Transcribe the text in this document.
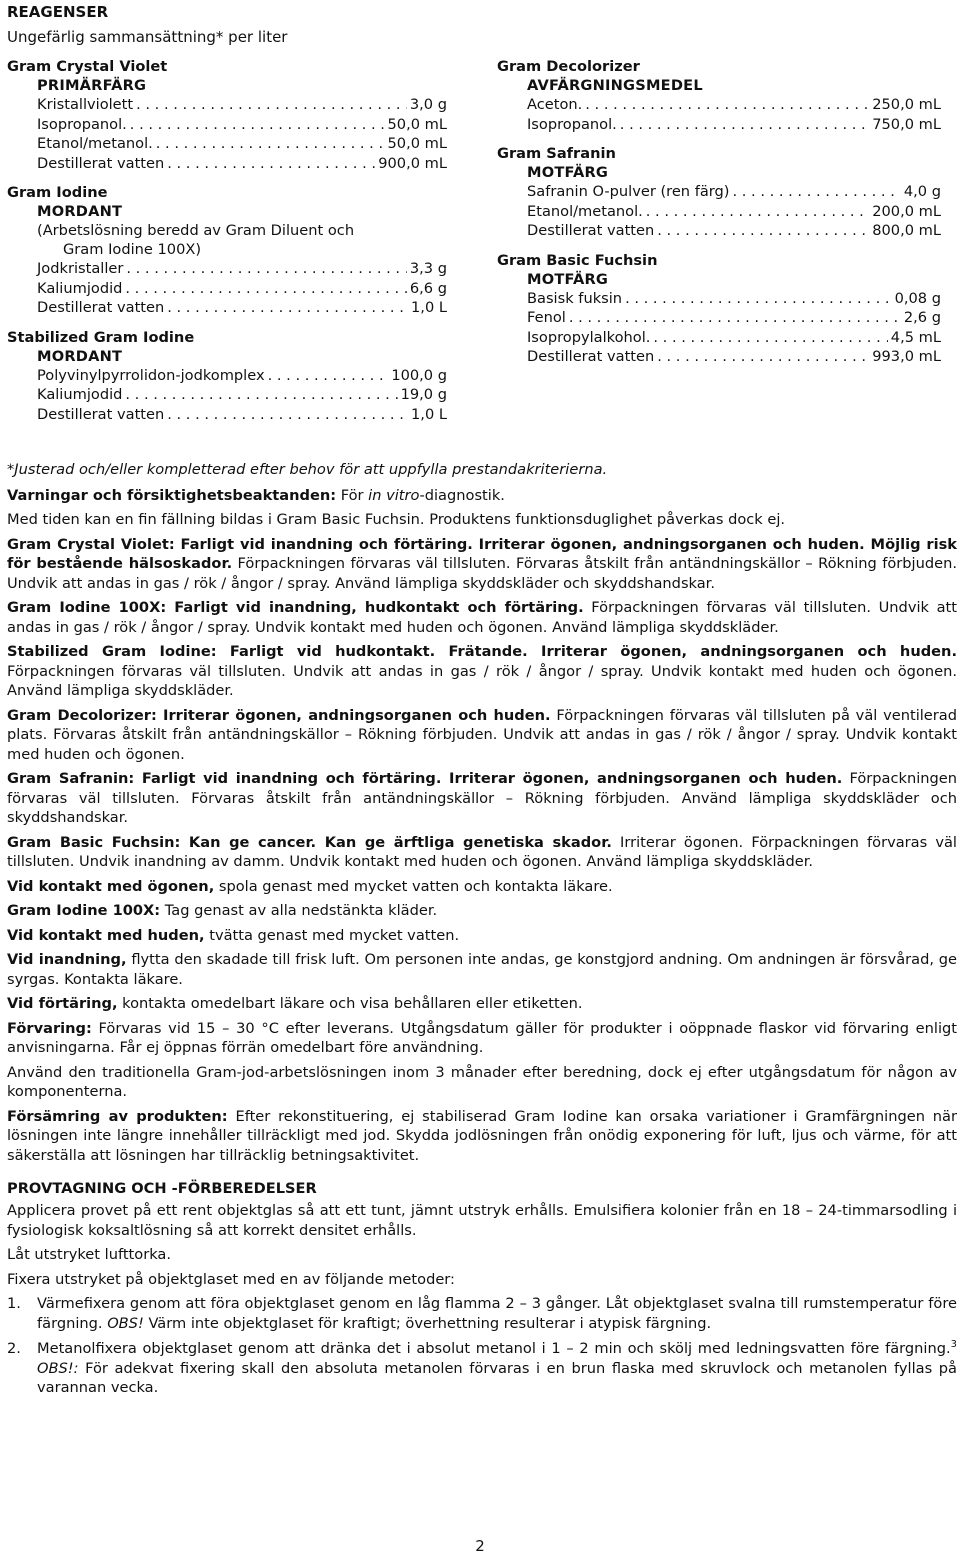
REAGENSER
Ungefärlig sammansättning* per liter
Gram Crystal Violet
PRIMÄRFÄRG
Kristallviolett . . .	3,0 g
Isopropanol. . . .	50,0 mL
Etanol/metanol. . . .	50,0 mL
Destillerat vatten . . .	900,0 mL
Gram Iodine
MORDANT
(Arbetslösning beredd av Gram Diluent och
Gram Iodine 100X)
Jodkristaller . . .	3,3 g
Kaliumjodid . . .	6,6 g
Destillerat vatten . . .	1,0 L
Stabilized Gram Iodine
MORDANT
Polyvinylpyrrolidon-jodkomplex . . .	100,0 g
Kaliumjodid . . .	19,0 g
Destillerat vatten . . .	1,0 L
Gram Decolorizer
AVFÄRGNINGSMEDEL
Aceton. . . .	250,0 mL
Isopropanol. . . .	750,0 mL
Gram Safranin
MOTFÄRG
Safranin O-pulver (ren färg) . . .	4,0 g
Etanol/metanol. . . .	200,0 mL
Destillerat vatten . . .	800,0 mL
Gram Basic Fuchsin
MOTFÄRG
Basisk fuksin . . .	0,08 g
Fenol . . .	2,6 g
Isopropylalkohol. . . .	4,5 mL
Destillerat vatten . . .	993,0 mL
*Justerad och/eller kompletterad efter behov för att uppfylla prestandakriterierna.
Varningar och försiktighetsbeaktanden: För in vitro-diagnostik.
Med tiden kan en fin fällning bildas i Gram Basic Fuchsin. Produktens funktionsduglighet påverkas dock ej.
Gram Crystal Violet: Farligt vid inandning och förtäring. Irriterar ögonen, andningsorganen och huden. Möjlig risk för bestående hälsoskador. Förpackningen förvaras väl tillsluten. Förvaras åtskilt från antändningskällor – Rökning förbjuden. Undvik att andas in gas / rök / ångor / spray. Använd lämpliga skyddskläder och skyddshandskar.
Gram Iodine 100X: Farligt vid inandning, hudkontakt och förtäring. Förpackningen förvaras väl tillsluten. Undvik att andas in gas / rök / ångor / spray. Undvik kontakt med huden och ögonen. Använd lämpliga skyddskläder.
Stabilized Gram Iodine: Farligt vid hudkontakt. Frätande. Irriterar ögonen, andningsorganen och huden. Förpackningen förvaras väl tillsluten. Undvik att andas in gas / rök / ångor / spray. Undvik kontakt med huden och ögonen. Använd lämpliga skyddskläder.
Gram Decolorizer: Irriterar ögonen, andningsorganen och huden. Förpackningen förvaras väl tillsluten på väl ventilerad plats. Förvaras åtskilt från antändningskällor – Rökning förbjuden. Undvik att andas in gas / rök / ångor / spray. Undvik kontakt med huden och ögonen.
Gram Safranin: Farligt vid inandning och förtäring. Irriterar ögonen, andningsorganen och huden. Förpackningen förvaras väl tillsluten. Förvaras åtskilt från antändningskällor – Rökning förbjuden. Använd lämpliga skyddskläder och skyddshandskar.
Gram Basic Fuchsin: Kan ge cancer. Kan ge ärftliga genetiska skador. Irriterar ögonen. Förpackningen förvaras väl tillsluten. Undvik inandning av damm. Undvik kontakt med huden och ögonen. Använd lämpliga skyddskläder.
Vid kontakt med ögonen, spola genast med mycket vatten och kontakta läkare.
Gram Iodine 100X: Tag genast av alla nedstänkta kläder.
Vid kontakt med huden, tvätta genast med mycket vatten.
Vid inandning, flytta den skadade till frisk luft. Om personen inte andas, ge konstgjord andning. Om andningen är försvårad, ge syrgas. Kontakta läkare.
Vid förtäring, kontakta omedelbart läkare och visa behållaren eller etiketten.
Förvaring: Förvaras vid 15 – 30 °C efter leverans. Utgångsdatum gäller för produkter i oöppnade flaskor vid förvaring enligt anvisningarna. Får ej öppnas förrän omedelbart före användning.
Använd den traditionella Gram-jod-arbetslösningen inom 3 månader efter beredning, dock ej efter utgångsdatum för någon av komponenterna.
Försämring av produkten: Efter rekonstituering, ej stabiliserad Gram Iodine kan orsaka variationer i Gramfärgningen när lösningen inte längre innehåller tillräckligt med jod. Skydda jodlösningen från onödig exponering för luft, ljus och värme, för att säkerställa att lösningen har tillräcklig betningsaktivitet.
PROVTAGNING OCH -FÖRBEREDELSER
Applicera provet på ett rent objektglas så att ett tunt, jämnt utstryk erhålls. Emulsifiera kolonier från en 18 – 24-timmarsodling i fysiologisk koksaltlösning så att korrekt densitet erhålls.
Låt utstryket lufttorka.
Fixera utstryket på objektglaset med en av följande metoder:
1.	Värmefixera genom att föra objektglaset genom en låg flamma 2 – 3 gånger. Låt objektglaset svalna till rumstemperatur före färgning. OBS! Värm inte objektglaset för kraftigt; överhettning resulterar i atypisk färgning.
2.	Metanolfixera objektglaset genom att dränka det i absolut metanol i 1 – 2 min och skölj med ledningsvatten före färgning.$^3$ OBS!: För adekvat fixering skall den absoluta metanolen förvaras i en brun flaska med skruvlock och metanolen fyllas på varannan vecka.
2
